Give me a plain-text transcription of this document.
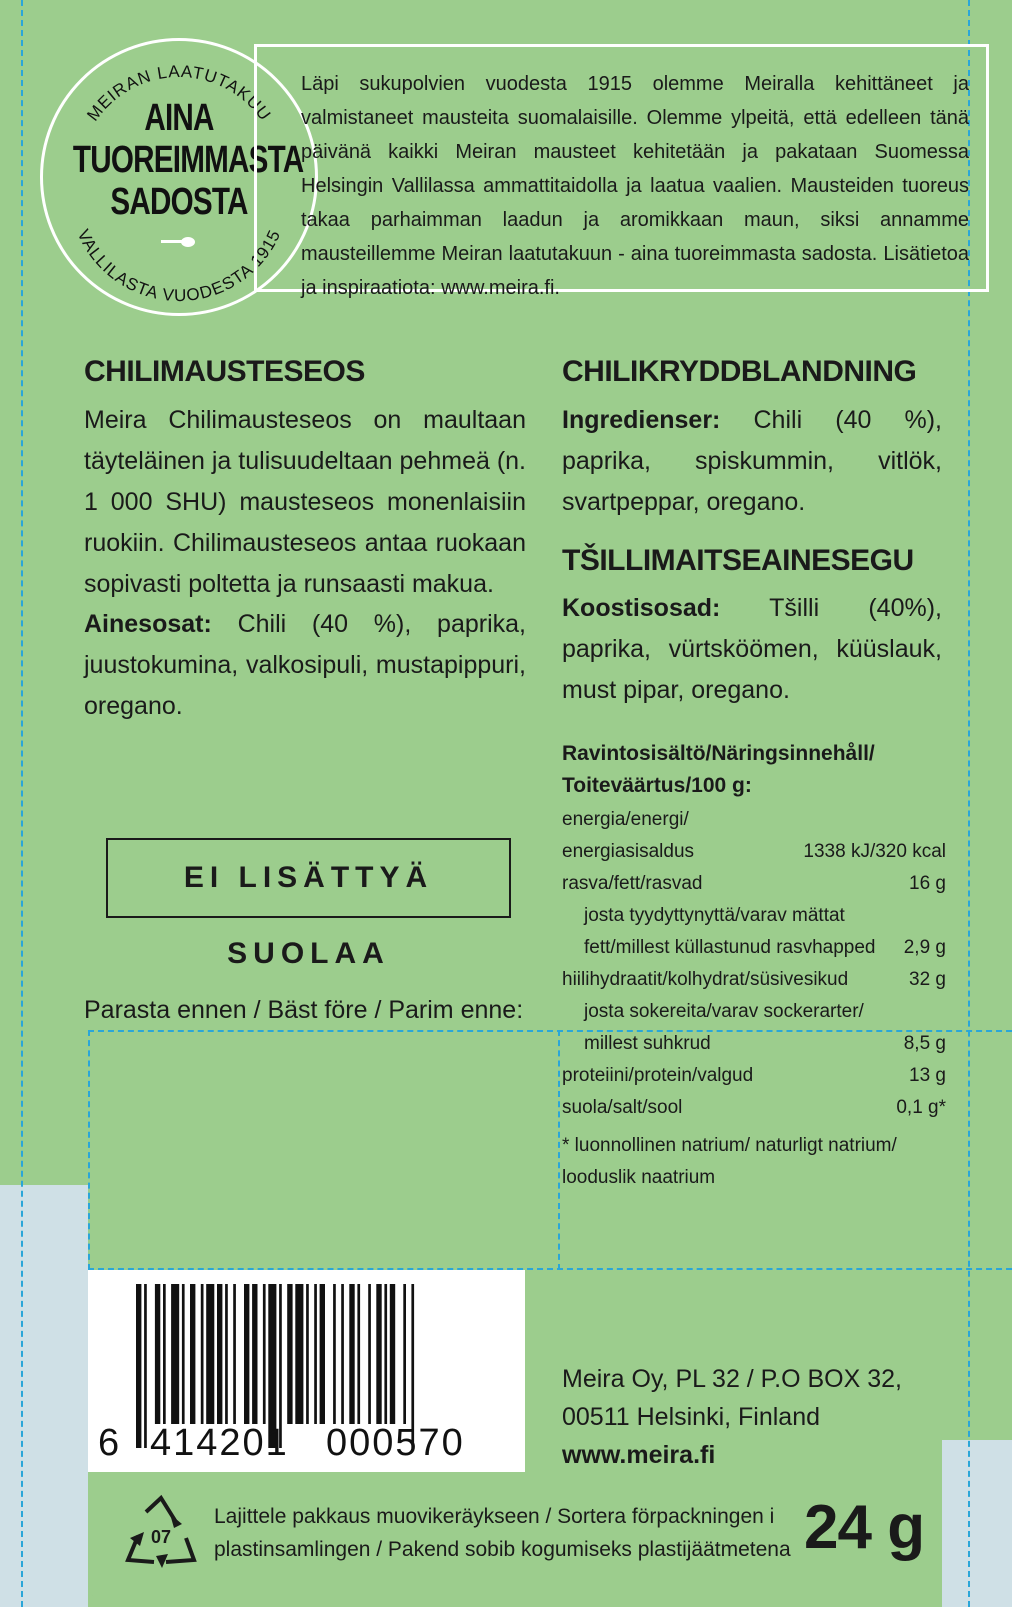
MEIRAN LAATUTAKUU
VALLILASTA VUODESTA 1915
AINA
TUOREIMMASTA
SADOSTA
Läpi sukupolvien vuodesta 1915 olemme Meiralla kehittäneet ja valmistaneet mausteita suomalaisille. Olemme ylpeitä, että edelleen tänä päivänä kaikki Meiran mausteet kehitetään ja pakataan Suomessa Helsingin Vallilassa ammattitaidolla ja laatua vaalien. Mausteiden tuoreus takaa parhaimman laadun ja aromikkaan maun, siksi annamme mausteillemme Meiran laatutakuun - aina tuoreimmasta sadosta. Lisätietoa ja inspiraatiota: www.meira.fi.
CHILIMAUSTESEOS
Meira Chilimausteseos on maultaan täyteläinen ja tulisuudeltaan pehmeä (n. 1 000 SHU) mausteseos monenlaisiin ruokiin. Chilimausteseos antaa ruokaan sopivasti poltetta ja runsaasti makua.
Ainesosat: Chili (40 %), paprika, juustokumina, valkosipuli, mustapippuri, oregano.
CHILIKRYDDBLANDNING
Ingredienser: Chili (40 %), paprika, spiskummin, vitlök, svartpeppar, oregano.
TŠILLIMAITSEAINESEGU
Koostisosad: Tšilli (40%), paprika, vürtsköömen, küüslauk, must pipar, oregano.
EI LISÄTTYÄ SUOLAA
Parasta ennen / Bäst före / Parim enne:
Ravintosisältö/Näringsinnehåll/
Toiteväärtus/100 g:
energia/energi/
energiasisaldus	1338 kJ/320 kcal
rasva/fett/rasvad	16 g
josta tyydyttynyttä/varav mättat
fett/millest küllastunud rasvhapped 2,9 g
hiilihydraatit/kolhydrat/süsivesikud	32 g
josta sokereita/varav sockerarter/
millest suhkrud	8,5 g
proteiini/protein/valgud	13 g
suola/salt/sool	0,1 g*
* luonnollinen natrium/ naturligt natrium/
looduslik naatrium
6 414201 000570
Meira Oy, PL 32 / P.O BOX 32,
00511 Helsinki, Finland
www.meira.fi
07
Lajittele pakkaus muovikeräykseen / Sortera förpackningen i
plastinsamlingen / Pakend sobib kogumiseks plastijäätmetena 24 g
